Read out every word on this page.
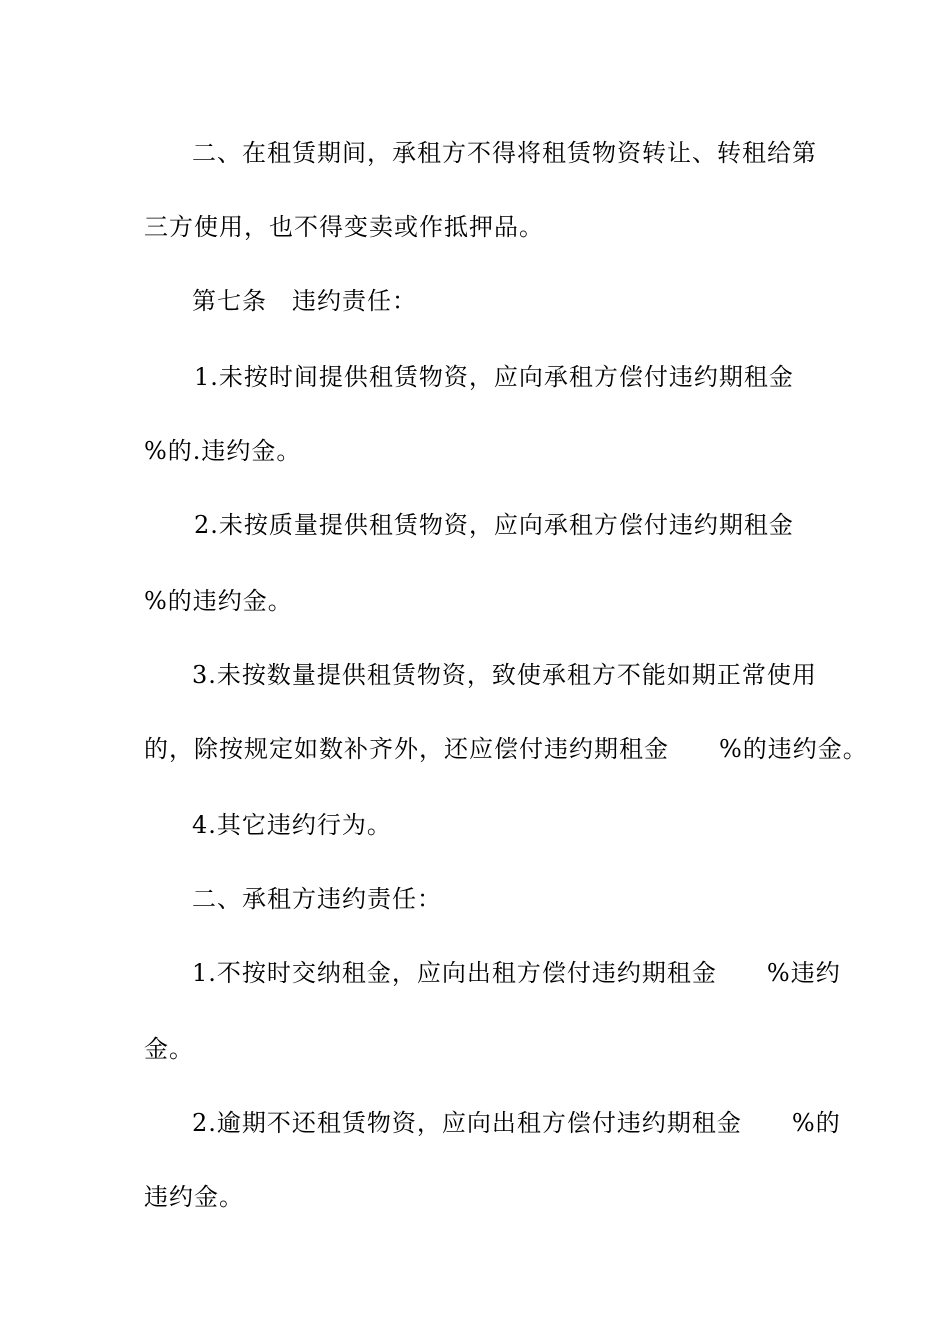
二、在租赁期间，承租方不得将租赁物资转让、转租给第
三方使用，也不得变卖或作抵押品。
第七条　违约责任：
1.未按时间提供租赁物资，应向承租方偿付违约期租金
%的.违约金。
2.未按质量提供租赁物资，应向承租方偿付违约期租金
%的违约金。
3.未按数量提供租赁物资，致使承租方不能如期正常使用
的，除按规定如数补齐外，还应偿付违约期租金　　%的违约金。
4.其它违约行为。
二、承租方违约责任：
1.不按时交纳租金，应向出租方偿付违约期租金　　%违约
金。
2.逾期不还租赁物资，应向出租方偿付违约期租金　　%的
违约金。
